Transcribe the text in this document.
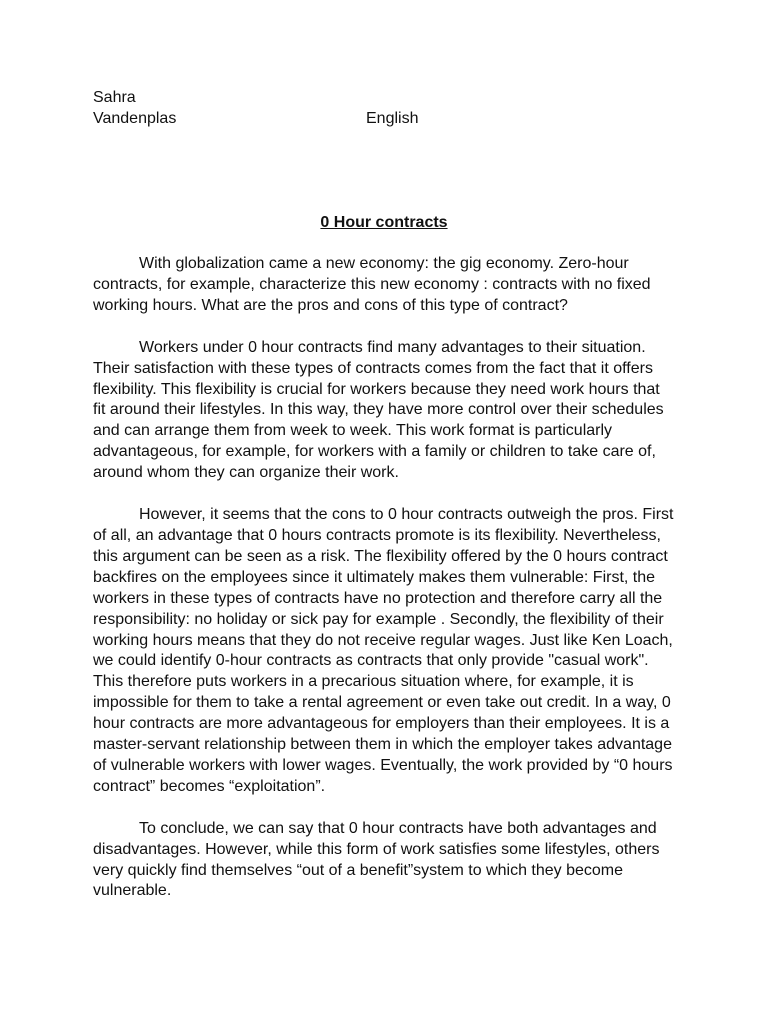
Sahra
Vandenplas	English
0 Hour contracts

With globalization came a new economy: the gig economy. Zero-hour contracts, for example, characterize this new economy : contracts with no fixed working hours. What are the pros and cons of this type of contract?

Workers under 0 hour contracts find many advantages to their situation. Their satisfaction with these types of contracts comes from the fact that it offers flexibility. This flexibility is crucial for workers because they need work hours that fit around their lifestyles. In this way, they have more control over their schedules and can arrange them from week to week. This work format is particularly advantageous, for example, for workers with a family or children to take care of, around whom they can organize their work.

However, it seems that the cons to 0 hour contracts outweigh the pros. First of all, an advantage that 0 hours contracts promote is its flexibility. Nevertheless, this argument can be seen as a risk. The flexibility offered by the 0 hours contract backfires on the employees since it ultimately makes them vulnerable: First, the workers in these types of contracts have no protection and therefore carry all the responsibility: no holiday or sick pay for example . Secondly, the flexibility of their working hours means that they do not receive regular wages. Just like Ken Loach, we could identify 0-hour contracts as contracts that only provide "casual work". This therefore puts workers in a precarious situation where, for example, it is impossible for them to take a rental agreement or even take out credit. In a way, 0 hour contracts are more advantageous for employers than their employees. It is a master-servant relationship between them in which the employer takes advantage of vulnerable workers with lower wages. Eventually, the work provided by “0 hours contract” becomes “exploitation”.

To conclude, we can say that 0 hour contracts have both advantages and disadvantages. However, while this form of work satisfies some lifestyles, others very quickly find themselves “out of a benefit”system to which they become vulnerable.
